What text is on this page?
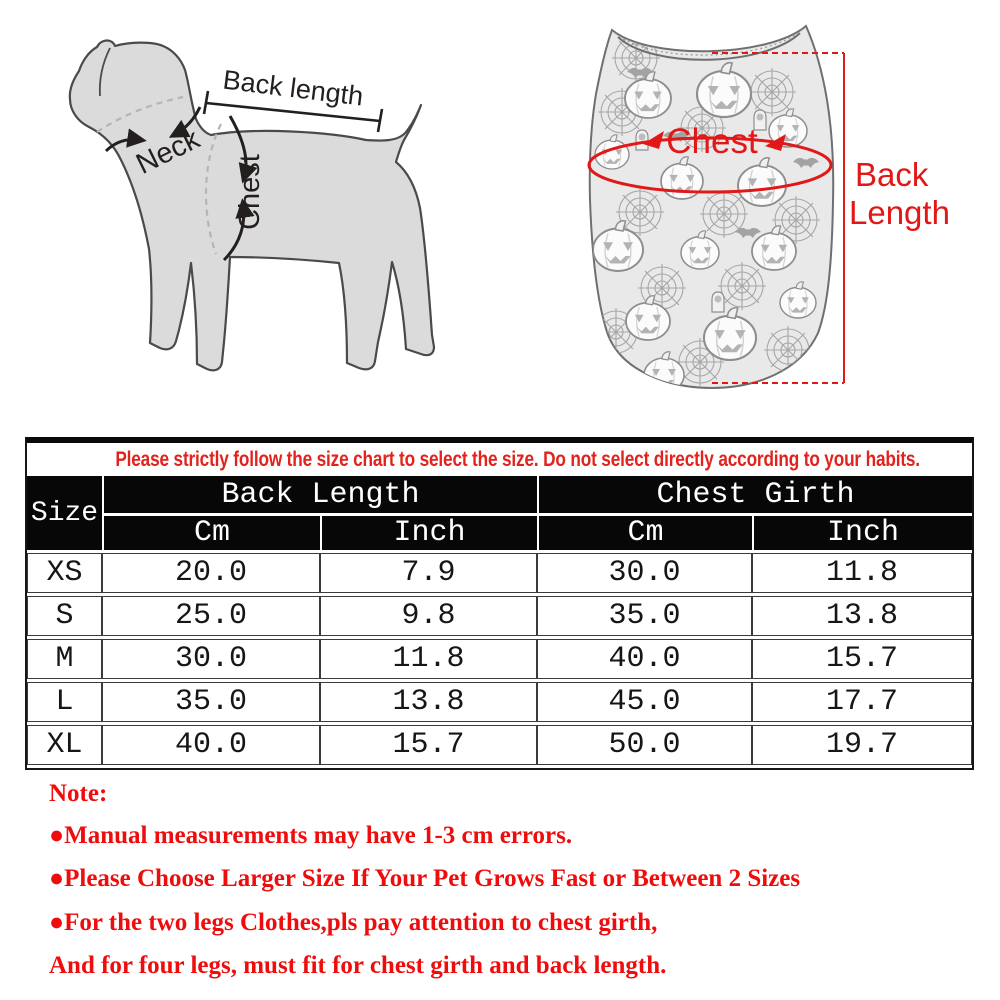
Back length
Neck
Chest
Chest
Back
Length
Please strictly follow the size chart to select the size. Do not select directly according to your habits.				
Size	Back Length		Chest Girth	
	Cm	Inch	Cm	Inch
XS	20.0	7.9	30.0	11.8
S	25.0	9.8	35.0	13.8
M	30.0	11.8	40.0	15.7
L	35.0	13.8	45.0	17.7
XL	40.0	15.7	50.0	19.7
Note:
●Manual measurements may have 1-3 cm errors.
●Please Choose Larger Size If Your Pet Grows Fast or Between 2 Sizes
●For the two legs Clothes,pls pay attention to chest girth,
And for four legs, must fit for chest girth and back length.
